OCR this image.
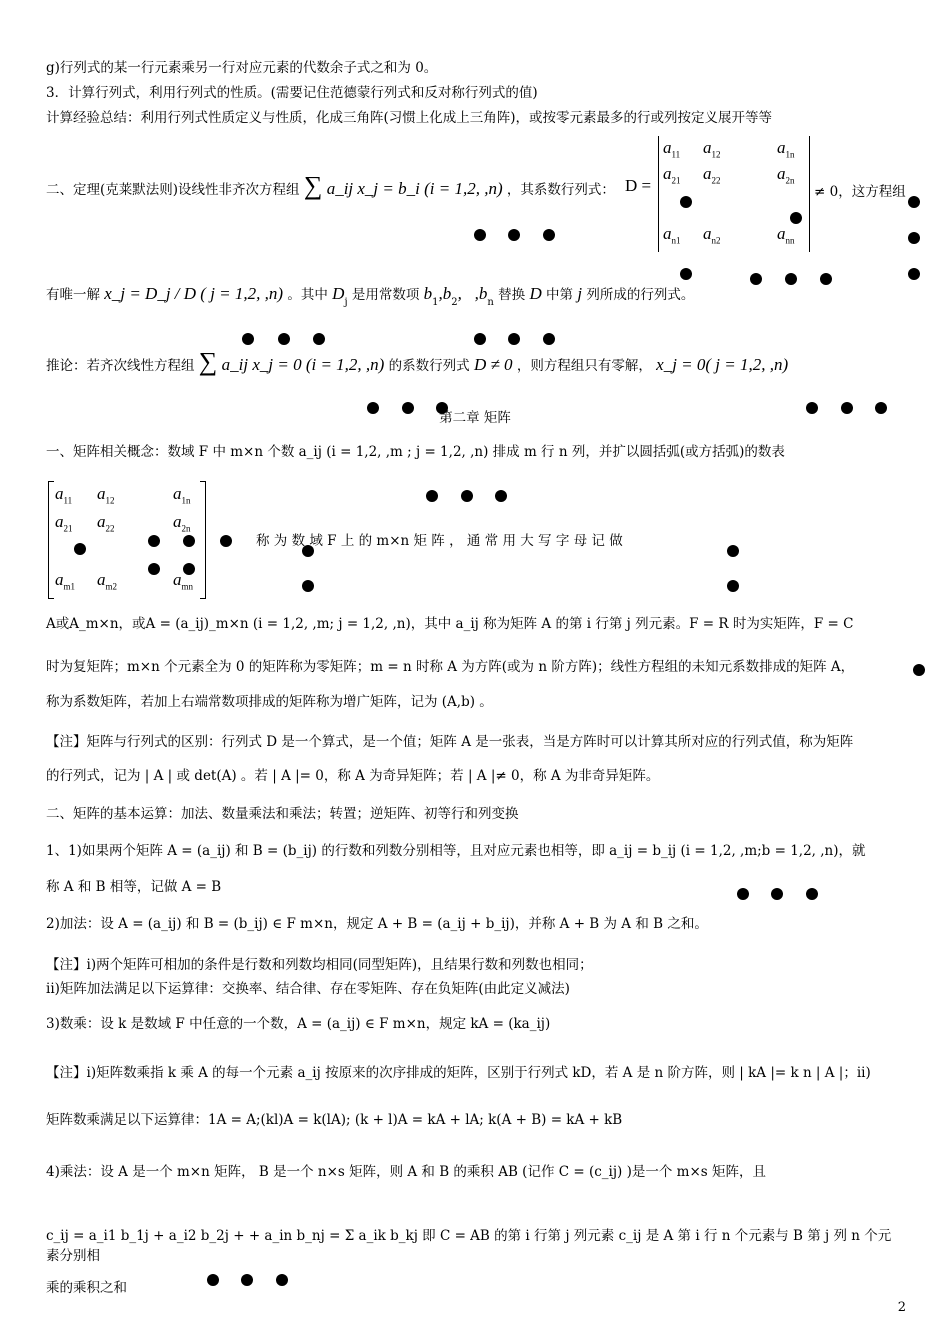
g)行列式的某一行元素乘另一行对应元素的代数余子式之和为 0。
3．计算行列式，利用行列式的性质。(需要记住范德蒙行列式和反对称行列式的值)
计算经验总结：利用行列式性质定义与性质，化成三角阵(习惯上化成上三角阵)，或按零元素最多的行或列按定义展开等等
二、定理(克莱默法则)设线性非齐次方程组 ∑ a_ij x_j = b_i (i = 1,2, ,n) ，其系数行列式： D =
$a_{11}$ $a_{12}$	$a_{1n}$
$a_{21}$ $a_{22}$	$a_{2n}$
$a_{n1}$ $a_{n2}$	$a_{nn}$
≠ 0，这方程组
有唯一解 x_j = D_j / D ( j = 1,2, ,n) 。其中 $D_j$ 是用常数项 $b_1,b_2$,   $,b_n$ 替换 D 中第 j 列所成的行列式。
推论：若齐次线性方程组 ∑ a_ij x_j = 0 (i = 1,2, ,n) 的系数行列式 D ≠ 0 ，则方程组只有零解， x_j = 0( j = 1,2, ,n)
第二章 矩阵
一、矩阵相关概念：数域 F 中 m×n 个数 a_ij (i = 1,2, ,m ; j = 1,2, ,n) 排成 m 行 n 列，并扩以圆括弧(或方括弧)的数表
$a_{11}$ $a_{12}$	$a_{1n}$
$a_{21}$ $a_{22}$	$a_{2n}$
$a_{m1}$ $a_{m2}$	$a_{mn}$
称 为 数 域 F 上 的 m×n 矩 阵 ， 通 常 用 大 写 字 母 记 做
A或A_m×n，或A = (a_ij)_m×n (i = 1,2, ,m; j = 1,2, ,n)，其中 a_ij 称为矩阵 A 的第 i 行第 j 列元素。F = R 时为实矩阵，F = C
时为复矩阵；m×n 个元素全为 0 的矩阵称为零矩阵；m = n 时称 A 为方阵(或为 n 阶方阵)；线性方程组的未知元系数排成的矩阵 A，
称为系数矩阵，若加上右端常数项排成的矩阵称为增广矩阵，记为 (A,b) 。
【注】矩阵与行列式的区别：行列式 D 是一个算式，是一个值；矩阵 A 是一张表，当是方阵时可以计算其所对应的行列式值，称为矩阵
的行列式，记为 | A | 或 det(A) 。若 | A |= 0，称 A 为奇异矩阵；若 | A |≠ 0，称 A 为非奇异矩阵。
二、矩阵的基本运算：加法、数量乘法和乘法；转置；逆矩阵、初等行和列变换
1、1)如果两个矩阵 A = (a_ij) 和 B = (b_ij) 的行数和列数分别相等，且对应元素也相等，即 a_ij = b_ij (i = 1,2, ,m;b = 1,2, ,n)，就
称 A 和 B 相等，记做 A = B
2)加法：设 A = (a_ij) 和 B = (b_ij) ∈ F m×n，规定 A + B = (a_ij + b_ij)，并称 A + B 为 A 和 B 之和。
【注】i)两个矩阵可相加的条件是行数和列数均相同(同型矩阵)，且结果行数和列数也相同；
ii)矩阵加法满足以下运算律：交换率、结合律、存在零矩阵、存在负矩阵(由此定义减法)
3)数乘：设 k 是数域 F 中任意的一个数，A = (a_ij) ∈ F m×n，规定 kA = (ka_ij)
【注】i)矩阵数乘指 k 乘 A 的每一个元素 a_ij 按原来的次序排成的矩阵，区别于行列式 kD，若 A 是 n 阶方阵，则 | kA |= k n | A |；ii)
矩阵数乘满足以下运算律：1A = A;(kl)A = k(lA); (k + l)A = kA + lA; k(A + B) = kA + kB
4)乘法：设 A 是一个 m×n 矩阵， B 是一个 n×s 矩阵，则 A 和 B 的乘积 AB (记作 C = (c_ij) )是一个 m×s 矩阵，且
c_ij = a_i1 b_1j + a_i2 b_2j + + a_in b_nj = Σ a_ik b_kj 即 C = AB 的第 i 行第 j 列元素 c_ij 是 A 第 i 行 n 个元素与 B 第 j 列 n 个元素分别相
乘的乘积之和
2
